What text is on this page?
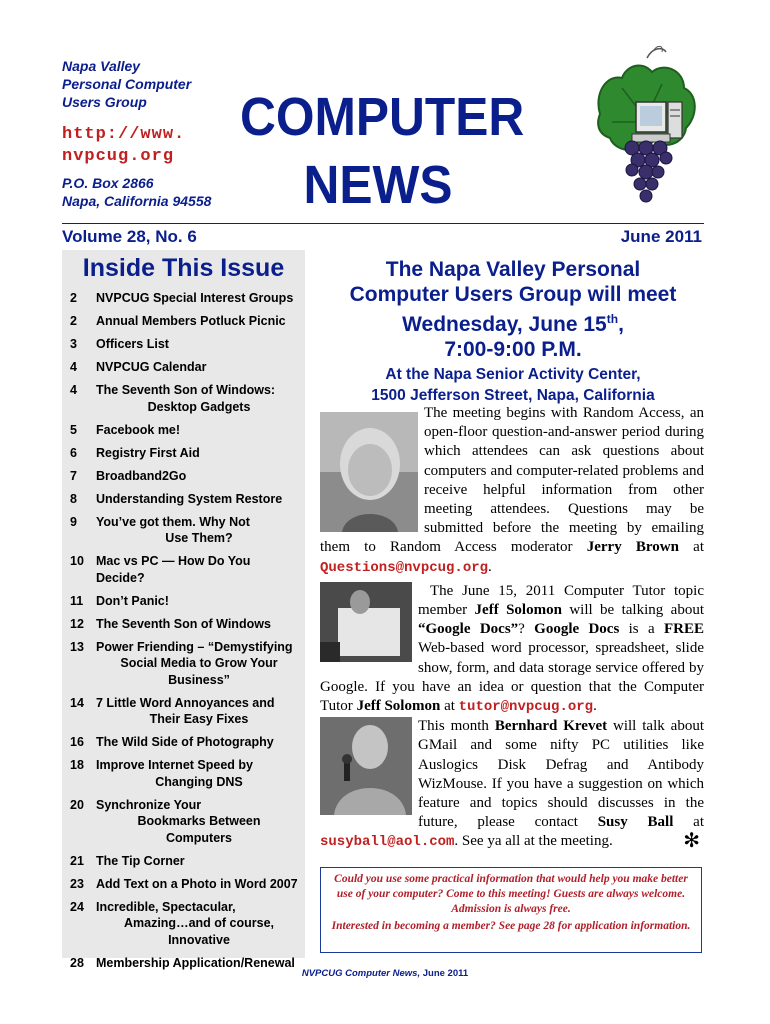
Napa Valley
Personal Computer
Users Group
http://www.
nvpcug.org
P.O. Box 2866
Napa, California 94558
COMPUTER
NEWS
Volume 28, No. 6	June 2011
Inside This Issue
2	NVPCUG Special Interest Groups
2	Annual Members Potluck Picnic
3	Officers List
4	NVPCUG Calendar
4	The Seventh Son of Windows:
Desktop Gadgets
5	Facebook me!
6	Registry First Aid
7	Broadband2Go
8	Understanding System Restore
9	You’ve got them. Why Not
Use Them?
10 Mac vs PC — How Do You Decide?
11	Don’t Panic!
12 The Seventh Son of Windows
13 Power Friending – “Demystifying
Social Media to Grow Your
Business”
14 7 Little Word Annoyances and
Their Easy Fixes
16 The Wild Side of Photography
18 Improve Internet Speed by
Changing DNS
20 Synchronize Your
Bookmarks Between
Computers
21 The Tip Corner
23 Add Text on a Photo in Word 2007
24 Incredible, Spectacular,
Amazing…and of course,
Innovative
28 Membership Application/Renewal
The Napa Valley Personal
Computer Users Group will meet
Wednesday, June 15th,
7:00-9:00 P.M.
At the Napa Senior Activity Center,
1500 Jefferson Street, Napa, California

The meeting begins with Random Access, an open-floor question-and-answer period during which attendees can ask questions about computers and computer-related problems and receive helpful information from other meeting attendees. Questions may be submitted before the meeting by emailing them to Random Access moderator Jerry Brown at Questions@nvpcug.org.

The June 15, 2011 Computer Tutor topic member Jeff Solomon will be talking about “Google Docs”? Google Docs is a FREE Web-based word processor, spreadsheet, slide show, form, and data storage service offered by Google. If you have an idea or question that the Computer Tutor Jeff Solomon at tutor@nvpcug.org.

This month Bernhard Krevet will talk about GMail and some nifty PC utilities like Auslogics Disk Defrag and Antibody WizMouse. If you have a suggestion on which feature and topics should discusses in the future, please contact Susy Ball at susyball@aol.com. See ya all at the meeting.	✻

Could you use some practical information that would help you make better use of your computer? Come to this meeting! Guests are always welcome. Admission is always free.
Interested in becoming a member? See page 28 for application information.
NVPCUG Computer News, June 2011
